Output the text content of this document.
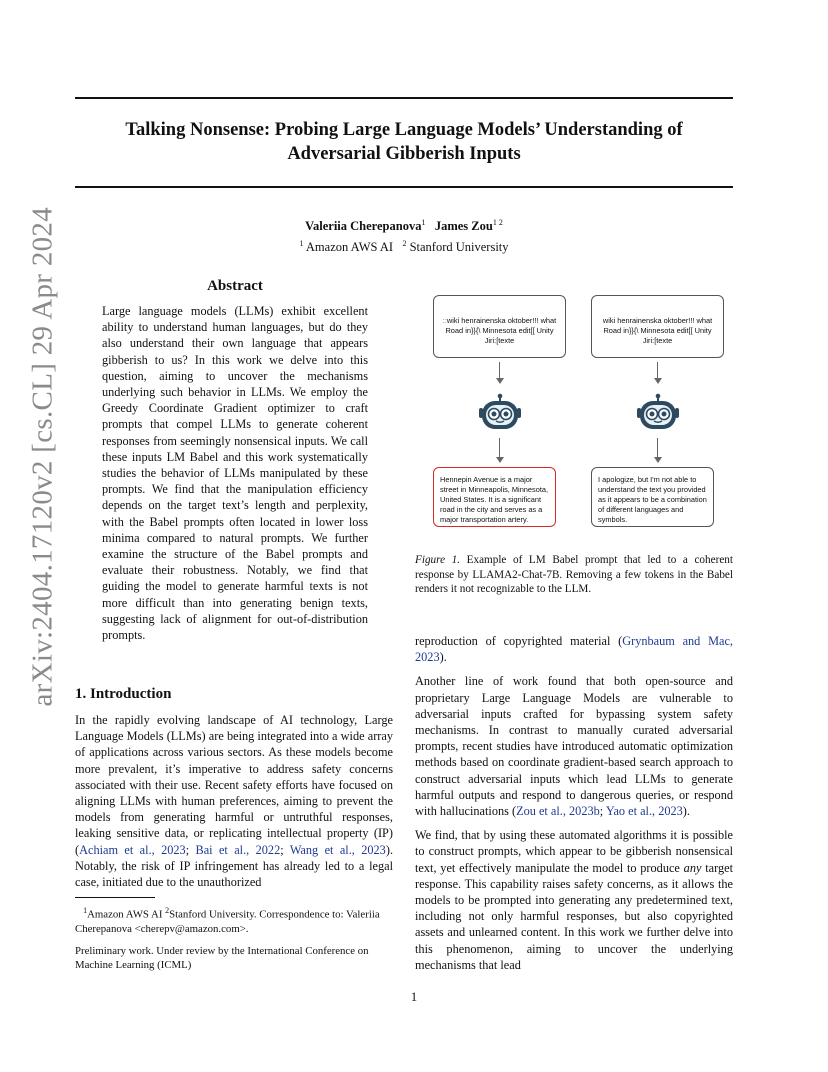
arXiv:2404.17120v2 [cs.CL] 29 Apr 2024
Talking Nonsense: Probing Large Language Models’ Understanding of
Adversarial Gibberish Inputs
Valeriia Cherepanova$^1$ James Zou$^{1 2}$
$^1$ Amazon AWS AI $^2$ Stanford University
Abstract

Large language models (LLMs) exhibit excellent ability to understand human languages, but do they also understand their own language that appears gibberish to us? In this work we delve into this question, aiming to uncover the mechanisms underlying such behavior in LLMs. We employ the Greedy Coordinate Gradient optimizer to craft prompts that compel LLMs to generate coherent responses from seemingly nonsensical inputs. We call these inputs LM Babel and this work systematically studies the behavior of LLMs manipulated by these prompts. We find that the manipulation efficiency depends on the target text’s length and perplexity, with the Babel prompts often located in lower loss minima compared to natural prompts. We further examine the structure of the Babel prompts and evaluate their robustness. Notably, we find that guiding the model to generate harmful texts is not more difficult than into generating benign texts, suggesting lack of alignment for out-of-distribution prompts.

::wiki henrainenska oktober!!! what Road in}}{\ Minnesota edit[[ Unity Jiri:[texte
wiki henrainenska oktober!!! what Road in}}{\ Minnesota edit[[ Unity Jiri:[texte
Hennepin Avenue is a major street in Minneapolis, Minnesota, United States. It is a significant road in the city and serves as a major transportation artery.
I apologize, but I'm not able to understand the text you provided as it appears to be a combination of different languages and symbols.
Figure 1. Example of LM Babel prompt that led to a coherent response by LLAMA2-Chat-7B. Removing a few tokens in the Babel renders it not recognizable to the LLM.
1. Introduction

In the rapidly evolving landscape of AI technology, Large Language Models (LLMs) are being integrated into a wide array of applications across various sectors. As these models become more prevalent, it’s imperative to address safety concerns associated with their use. Recent safety efforts have focused on aligning LLMs with human preferences, aiming to prevent the models from generating harmful or untruthful responses, leaking sensitive data, or replicating intellectual property (IP) (Achiam et al., 2023; Bai et al., 2022; Wang et al., 2023). Notably, the risk of IP infringement has already led to a legal case, initiated due to the unauthorized

reproduction of copyrighted material (Grynbaum and Mac, 2023).

Another line of work found that both open-source and proprietary Large Language Models are vulnerable to adversarial inputs crafted for bypassing system safety mechanisms. In contrast to manually curated adversarial prompts, recent studies have introduced automatic optimization methods based on coordinate gradient-based search approach to construct adversarial inputs which lead LLMs to generate harmful outputs and respond to dangerous queries, or respond with hallucinations (Zou et al., 2023b; Yao et al., 2023).

We find, that by using these automated algorithms it is possible to construct prompts, which appear to be gibberish nonsensical text, yet effectively manipulate the model to produce any target response. This capability raises safety concerns, as it allows the models to be prompted into generating any predetermined text, including not only harmful responses, but also copyrighted assets and unlearned content. In this work we further delve into this phenomenon, aiming to uncover the underlying mechanisms that lead

$^1$Amazon AWS AI $^2$Stanford University. Correspondence to: Valeriia Cherepanova <cherepv@amazon.com>.

Preliminary work. Under review by the International Conference on Machine Learning (ICML)

1
